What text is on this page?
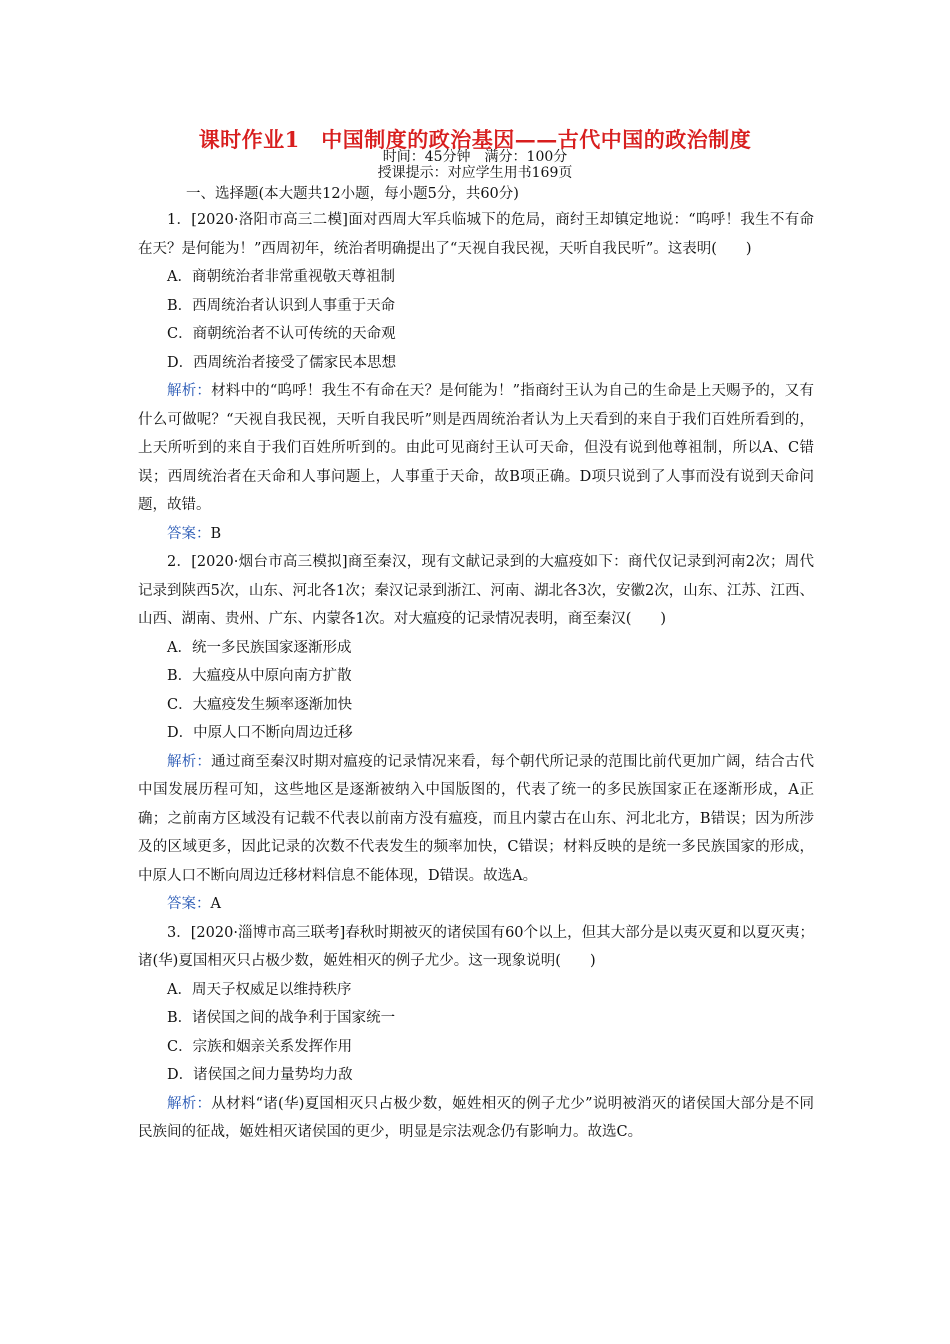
课时作业1　中国制度的政治基因——古代中国的政治制度
时间：45分钟　满分：100分
授课提示：对应学生用书169页
一、选择题(本大题共12小题，每小题5分，共60分)

1．[2020·洛阳市高三二模]面对西周大军兵临城下的危局，商纣王却镇定地说：“呜呼！我生不有命在天？是何能为！”西周初年，统治者明确提出了“天视自我民视，天听自我民听”。这表明(　　)

A．商朝统治者非常重视敬天尊祖制

B．西周统治者认识到人事重于天命

C．商朝统治者不认可传统的天命观

D．西周统治者接受了儒家民本思想

解析：材料中的“呜呼！我生不有命在天？是何能为！”指商纣王认为自己的生命是上天赐予的，又有什么可做呢？“天视自我民视，天听自我民听”则是西周统治者认为上天看到的来自于我们百姓所看到的，上天所听到的来自于我们百姓所听到的。由此可见商纣王认可天命，但没有说到他尊祖制，所以A、C错误；西周统治者在天命和人事问题上，人事重于天命，故B项正确。D项只说到了人事而没有说到天命问题，故错。

答案：B

2．[2020·烟台市高三模拟]商至秦汉，现有文献记录到的大瘟疫如下：商代仅记录到河南2次；周代记录到陕西5次，山东、河北各1次；秦汉记录到浙江、河南、湖北各3次，安徽2次，山东、江苏、江西、山西、湖南、贵州、广东、内蒙各1次。对大瘟疫的记录情况表明，商至秦汉(　　)

A．统一多民族国家逐渐形成

B．大瘟疫从中原向南方扩散

C．大瘟疫发生频率逐渐加快

D．中原人口不断向周边迁移

解析：通过商至秦汉时期对瘟疫的记录情况来看，每个朝代所记录的范围比前代更加广阔，结合古代中国发展历程可知，这些地区是逐渐被纳入中国版图的，代表了统一的多民族国家正在逐渐形成，A正确；之前南方区域没有记载不代表以前南方没有瘟疫，而且内蒙古在山东、河北北方，B错误；因为所涉及的区域更多，因此记录的次数不代表发生的频率加快，C错误；材料反映的是统一多民族国家的形成，中原人口不断向周边迁移材料信息不能体现，D错误。故选A。

答案：A

3．[2020·淄博市高三联考]春秋时期被灭的诸侯国有60个以上，但其大部分是以夷灭夏和以夏灭夷；诸(华)夏国相灭只占极少数，姬姓相灭的例子尤少。这一现象说明(　　)

A．周天子权威足以维持秩序

B．诸侯国之间的战争利于国家统一

C．宗族和姻亲关系发挥作用

D．诸侯国之间力量势均力敌

解析：从材料“诸(华)夏国相灭只占极少数，姬姓相灭的例子尤少”说明被消灭的诸侯国大部分是不同民族间的征战，姬姓相灭诸侯国的更少，明显是宗法观念仍有影响力。故选C。
